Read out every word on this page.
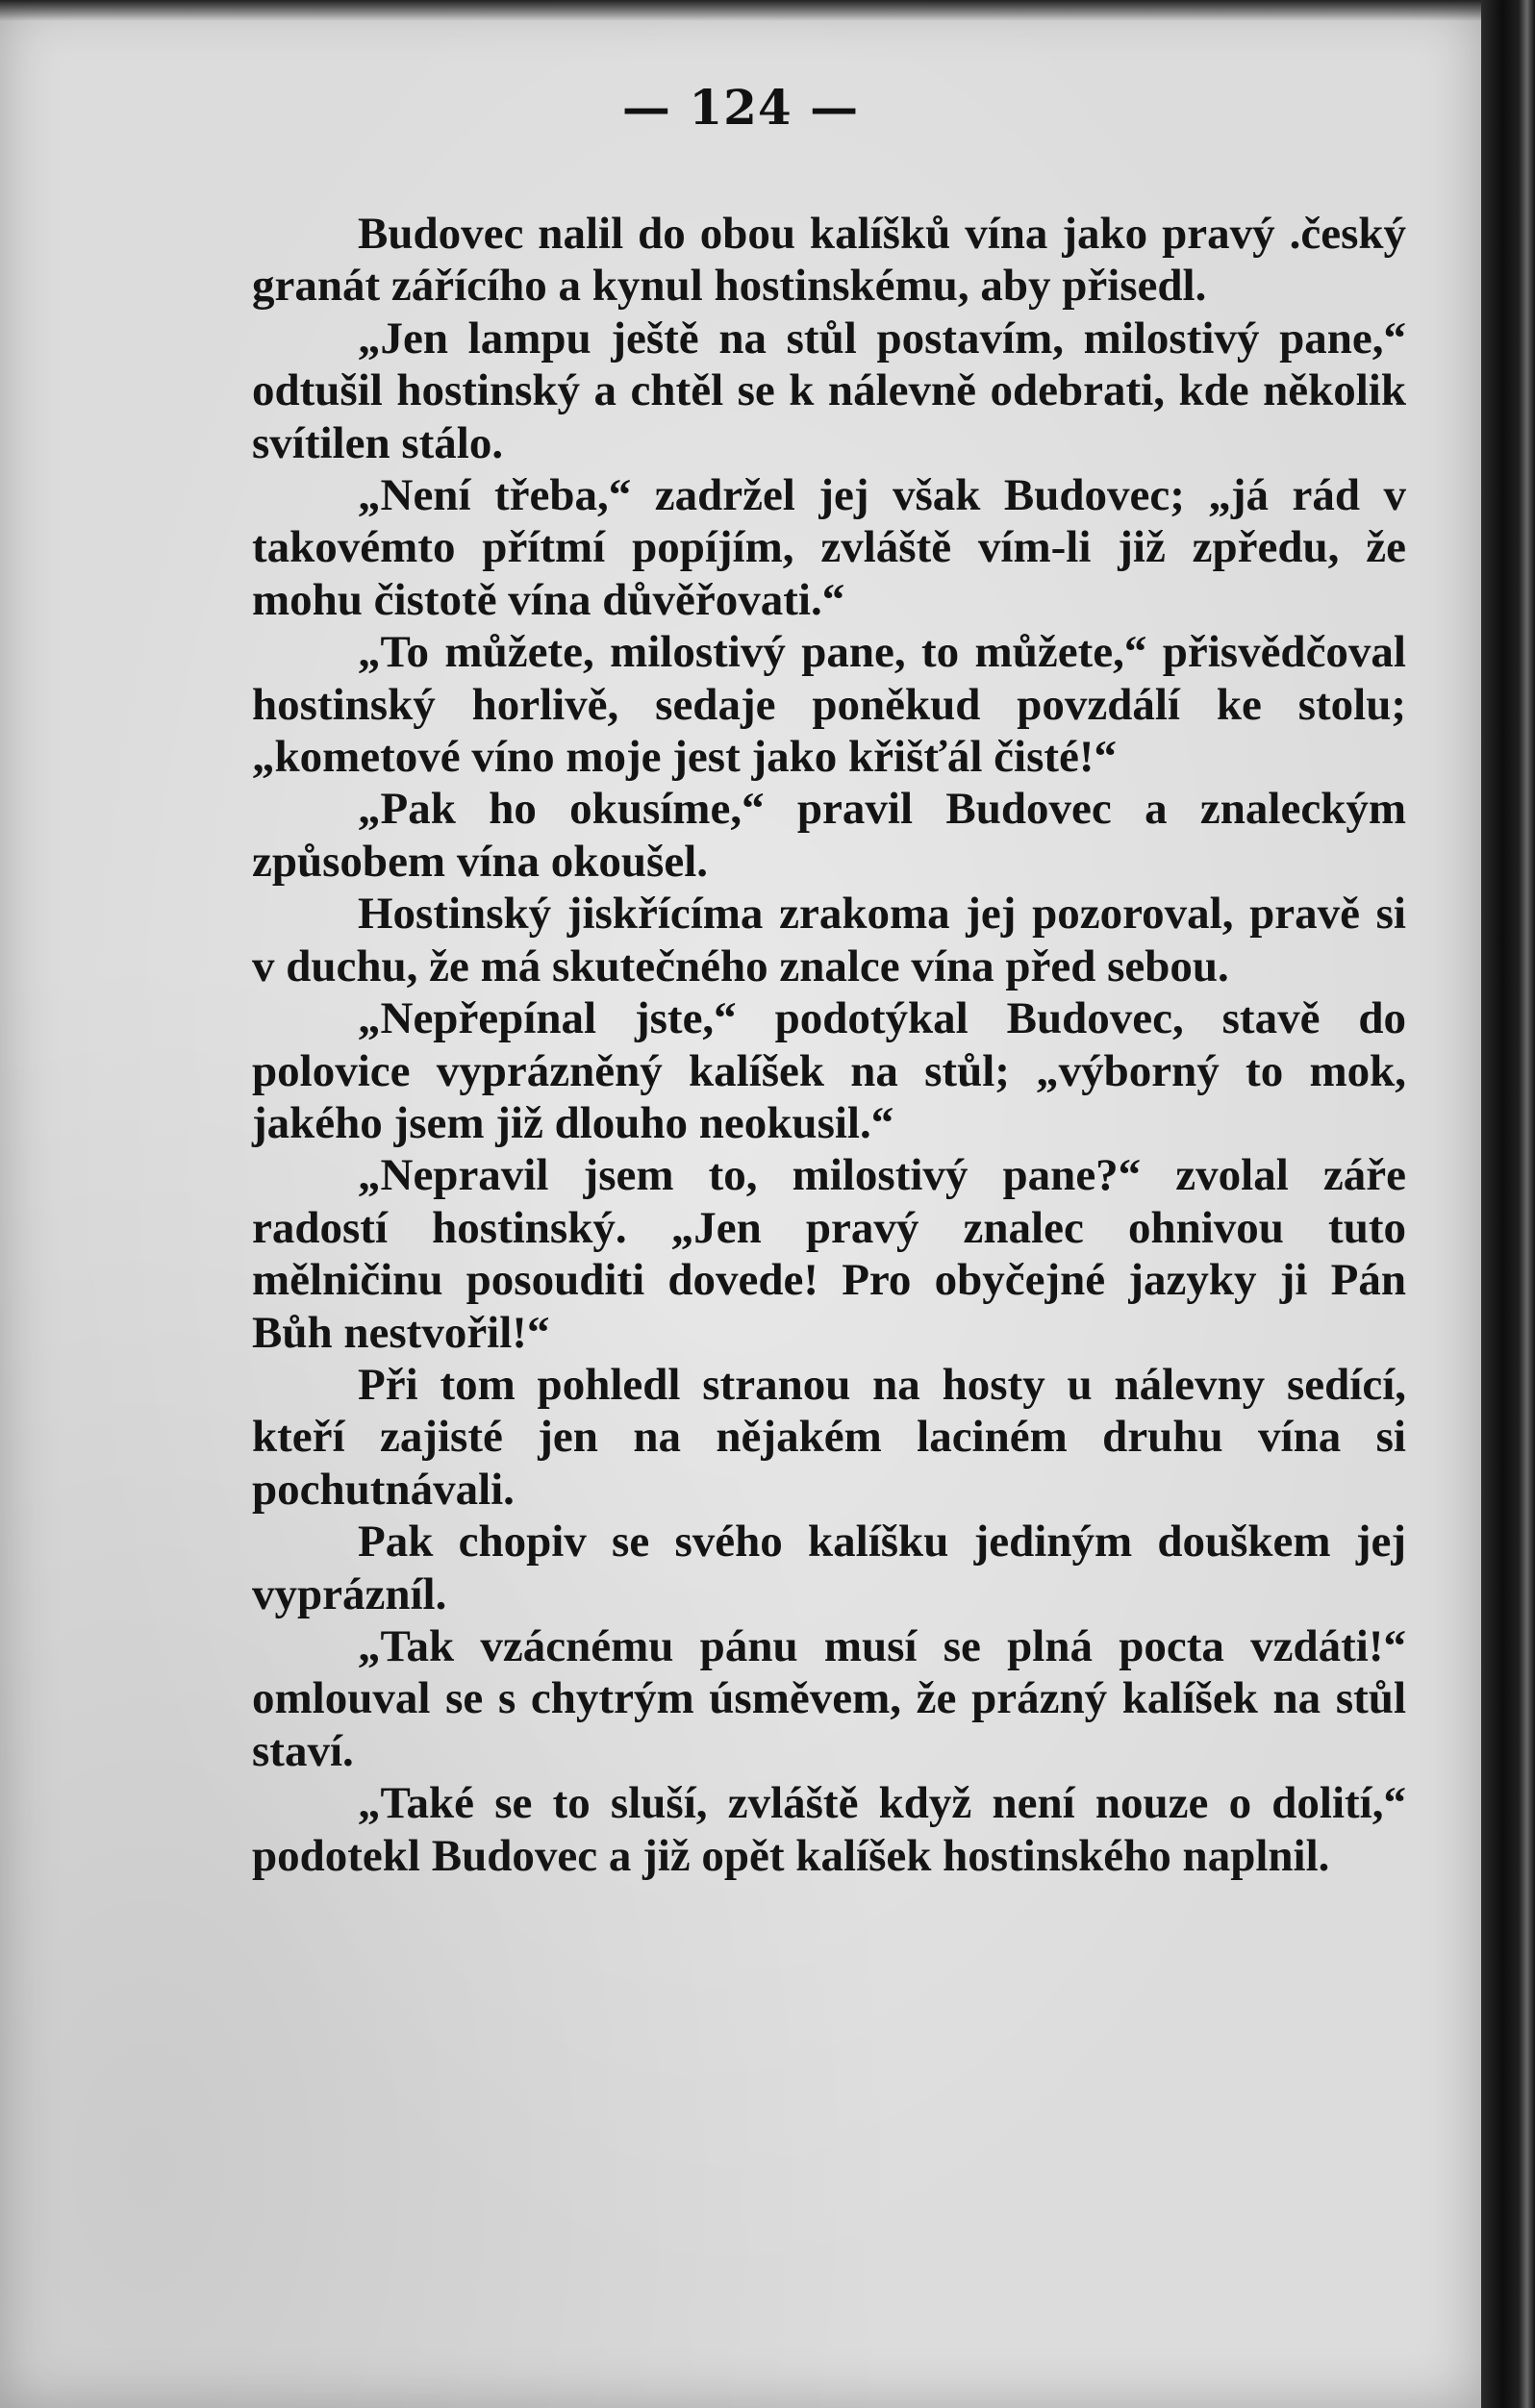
— 124 —

Budovec nalil do obou kalíšků vína jako pravý .český granát zářícího a kynul hostinskému, aby přisedl.

„Jen lampu ještě na stůl postavím, milostivý pane,“ odtušil hostinský a chtěl se k nálevně odebrati, kde několik svítilen stálo.

„Není třeba,“ zadržel jej však Budovec; „já rád v takovémto přítmí popíjím, zvláště vím-li již zpředu, že mohu čistotě vína důvěřovati.“

„To můžete, milostivý pane, to můžete,“ přisvědčoval hostinský horlivě, sedaje poněkud povzdálí ke stolu; „kometové víno moje jest jako křišťál čisté!“

„Pak ho okusíme,“ pravil Budovec a znaleckým způsobem vína okoušel.

Hostinský jiskřícíma zrakoma jej pozoroval, pravě si v duchu, že má skutečného znalce vína před sebou.

„Nepřepínal jste,“ podotýkal Budovec, stavě do polovice vyprázněný kalíšek na stůl; „výborný to mok, jakého jsem již dlouho neokusil.“

„Nepravil jsem to, milostivý pane?“ zvolal záře radostí hostinský. „Jen pravý znalec ohnivou tuto mělničinu posouditi dovede! Pro obyčejné jazyky ji Pán Bůh nestvořil!“

Při tom pohledl stranou na hosty u nálevny sedící, kteří zajisté jen na nějakém laciném druhu vína si pochutnávali.

Pak chopiv se svého kalíšku jediným douškem jej vyprázníl.

„Tak vzácnému pánu musí se plná pocta vzdáti!“ omlouval se s chytrým úsměvem, že prázný kalíšek na stůl staví.

„Také se to sluší, zvláště když není nouze o dolití,“ podotekl Budovec a již opět kalíšek hostinského naplnil.
